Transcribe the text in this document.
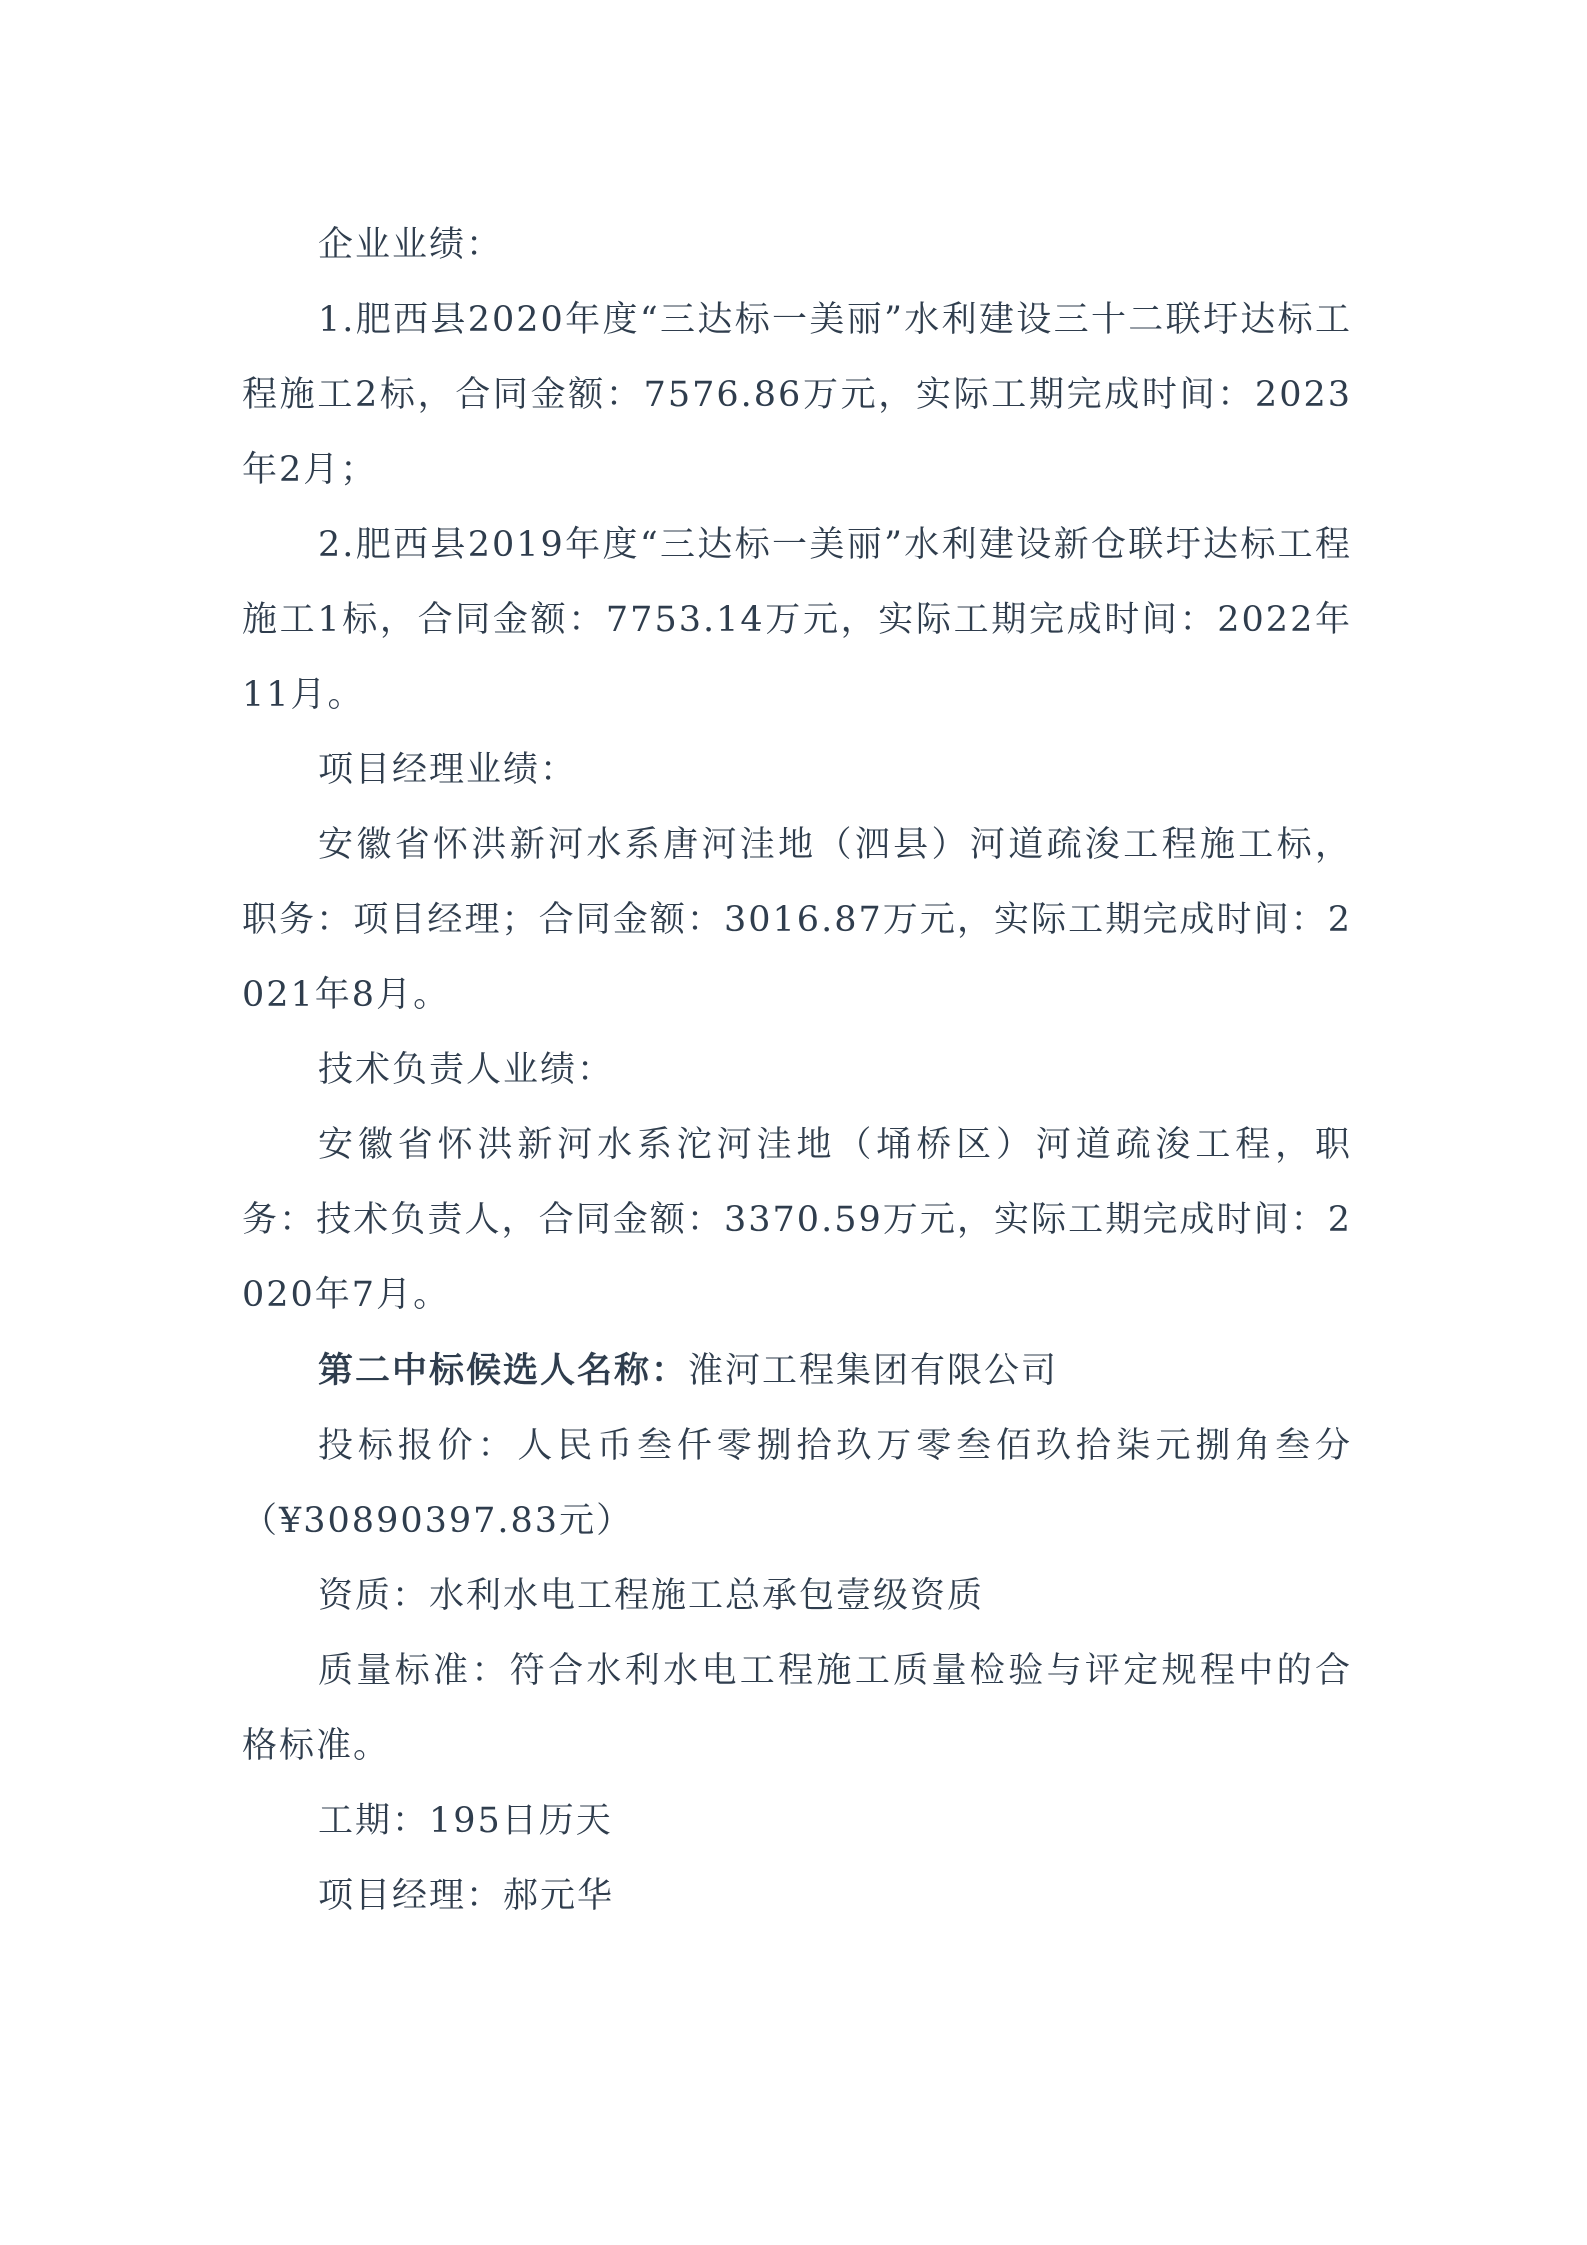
企业业绩：

1.肥西县2020年度“三达标一美丽”水利建设三十二联圩达标工程施工2标，合同金额：7576.86万元，实际工期完成时间：2023年2月；

2.肥西县2019年度“三达标一美丽”水利建设新仓联圩达标工程施工1标，合同金额：7753.14万元，实际工期完成时间：2022年11月。

项目经理业绩：

安徽省怀洪新河水系唐河洼地（泗县）河道疏浚工程施工标，职务：项目经理；合同金额：3016.87万元，实际工期完成时间：2021年8月。

技术负责人业绩：

安徽省怀洪新河水系沱河洼地（埇桥区）河道疏浚工程，职务：技术负责人，合同金额：3370.59万元，实际工期完成时间：2020年7月。

第二中标候选人名称：淮河工程集团有限公司

投标报价：人民币叁仟零捌拾玖万零叁佰玖拾柒元捌角叁分（¥30890397.83元）

资质：水利水电工程施工总承包壹级资质

质量标准：符合水利水电工程施工质量检验与评定规程中的合格标准。

工期：195日历天

项目经理：郝元华
